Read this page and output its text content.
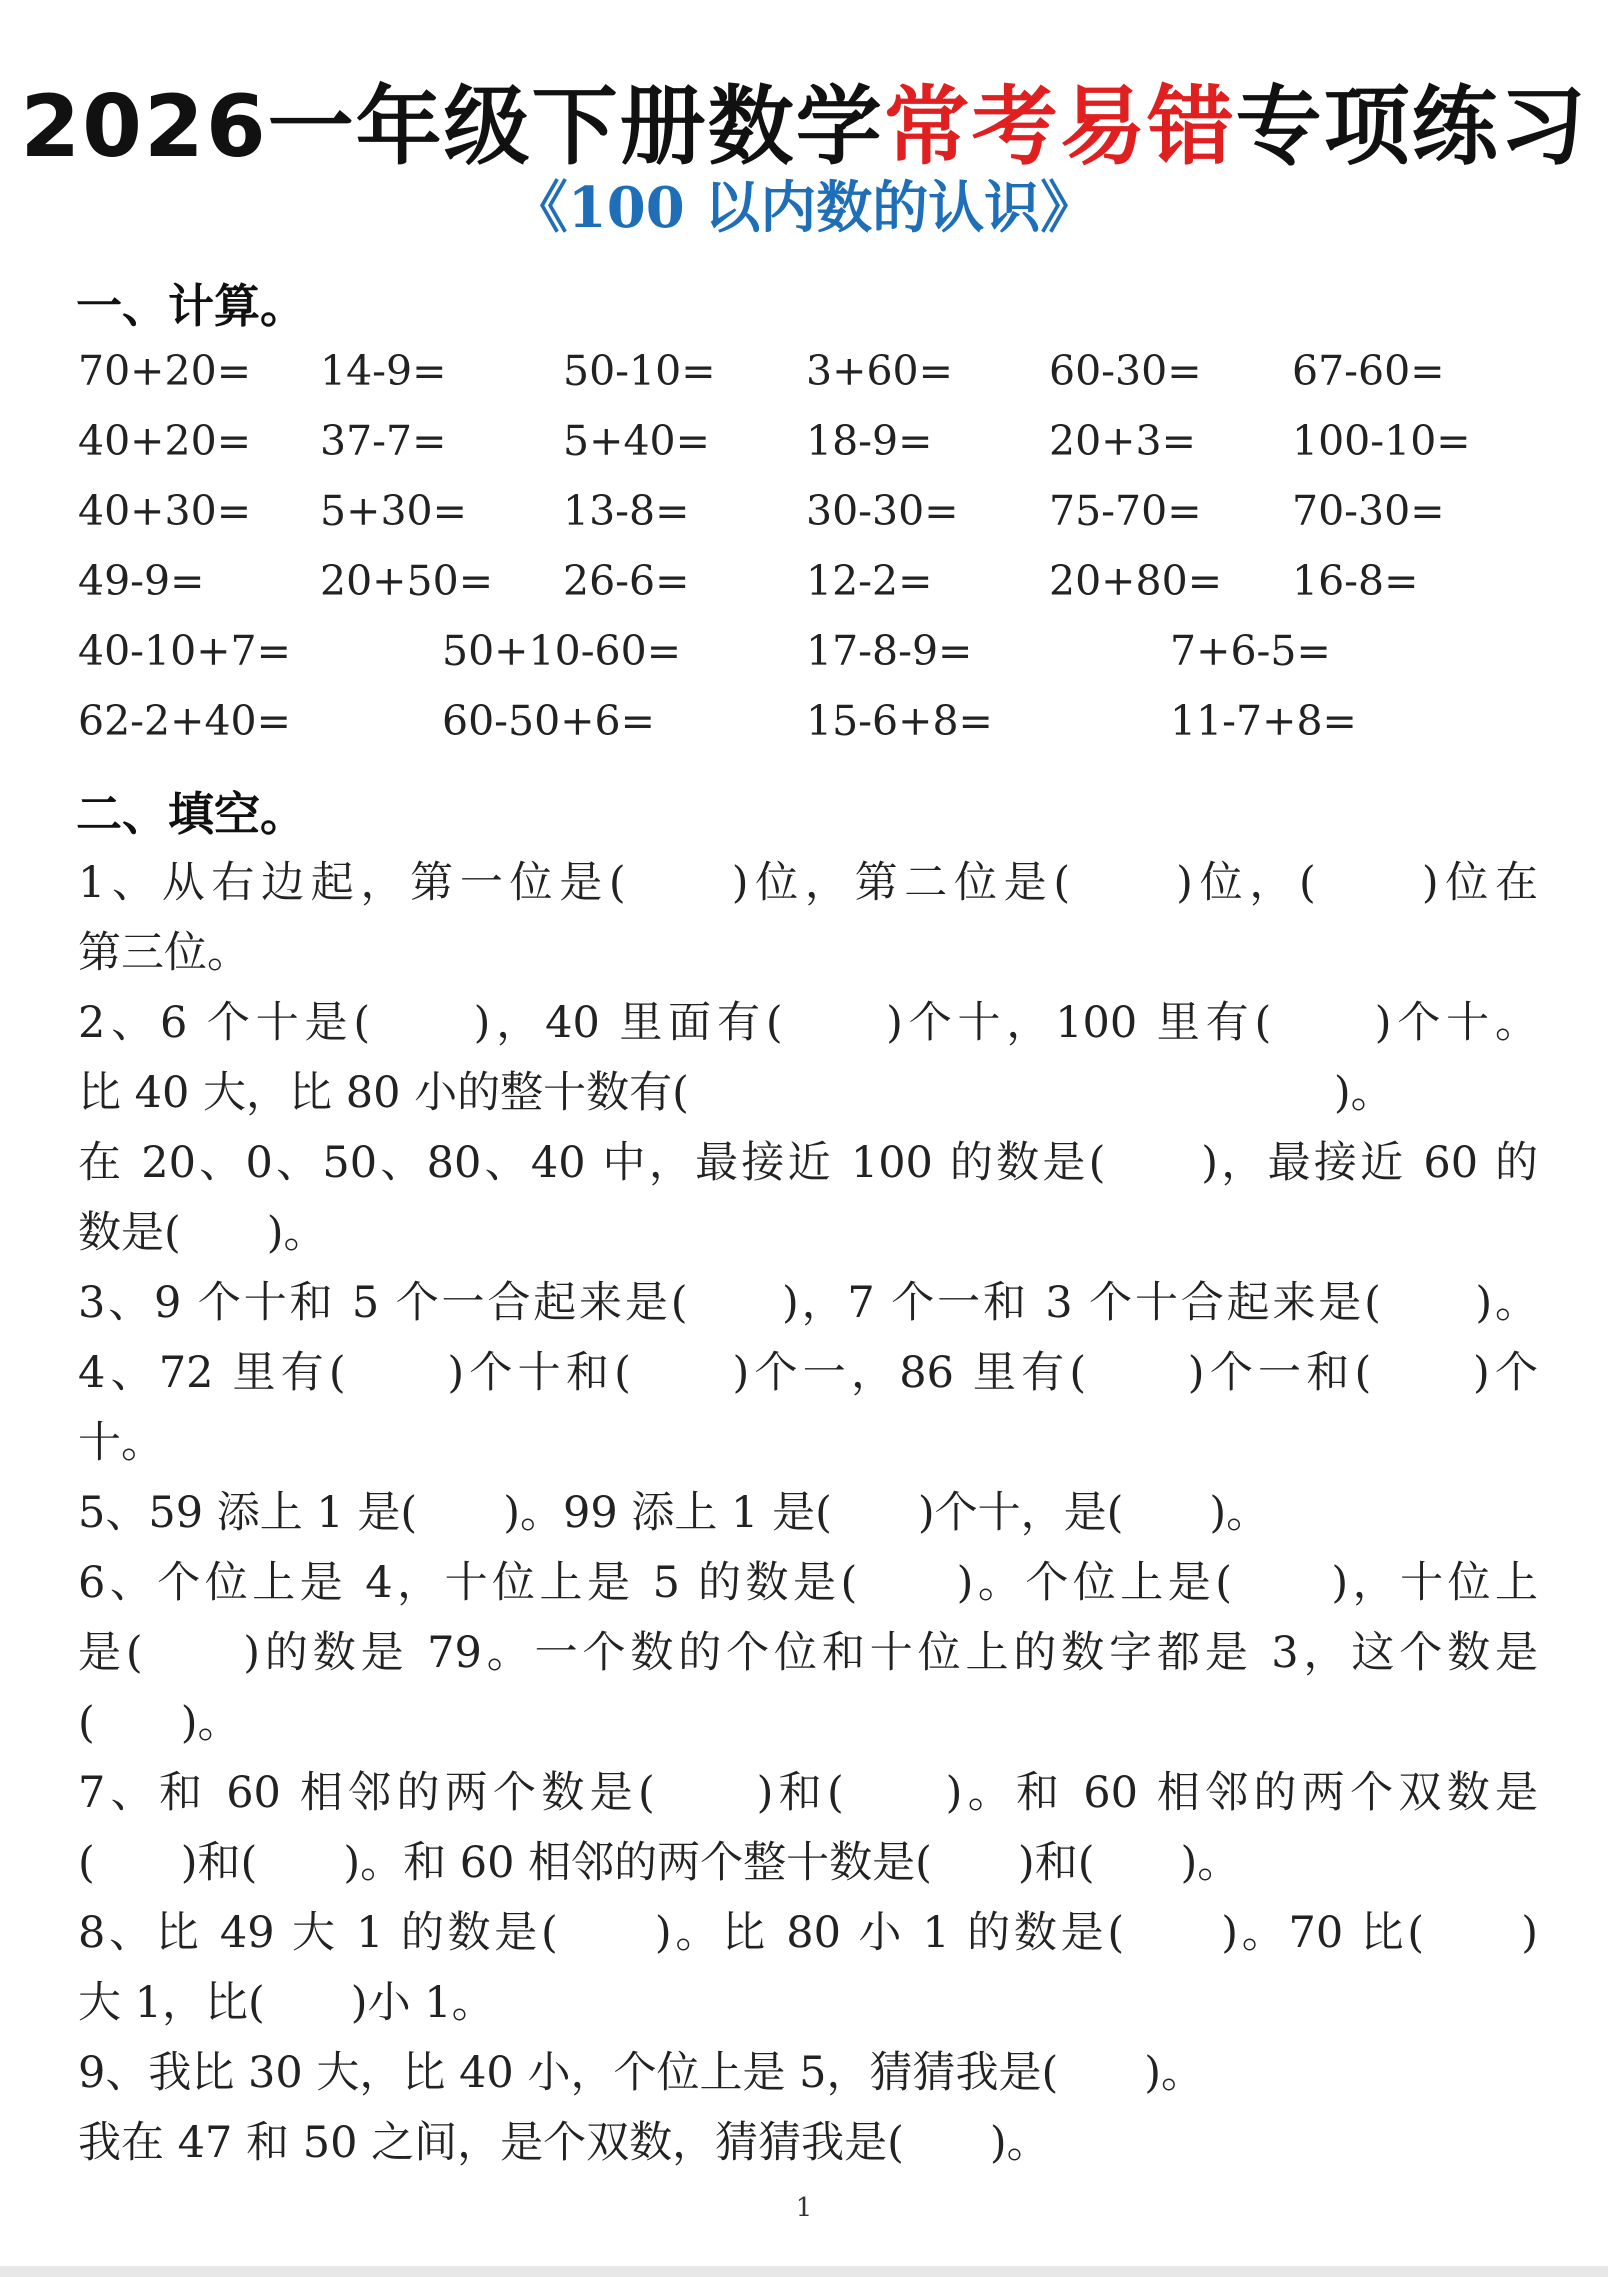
2026一年级下册数学常考易错专项练习
《100 以内数的认识》
一、计算。
70+20= 14-9=	50-10= 3+60= 60-30= 67-60=
40+20= 37-7=	5+40= 18-9=	20+3= 100-10=
40+30= 5+30= 13-8=	30-30= 75-70= 70-30=
49-9=	20+50= 26-6=	12-2=	20+80= 16-8=
40-10+7=	50+10-60=	17-8-9=	7+6-5=
62-2+40=	60-50+6=	15-6+8=	11-7+8=
二、填空。
1、从右边起，第一位是(　　)位，第二位是(　　)位，(　　)位在
第三位。
2、6 个十是(　　)，40 里面有(　　)个十，100 里有(　　)个十。
比 40 大，比 80 小的整十数有(　　　　　　　　　　　　　　　)。
在 20、0、50、80、40 中，最接近 100 的数是(　　)，最接近 60 的
数是(　　)。
3、9 个十和 5 个一合起来是(　　)，7 个一和 3 个十合起来是(　　)。
4、72 里有(　　)个十和(　　)个一，86 里有(　　)个一和(　　)个
十。
5、59 添上 1 是(　　)。99 添上 1 是(　　)个十，是(　　)。
6、个位上是 4，十位上是 5 的数是(　　)。个位上是(　　)，十位上
是(　　)的数是 79。一个数的个位和十位上的数字都是 3，这个数是
(　　)。
7、和 60 相邻的两个数是(　　)和(　　)。和 60 相邻的两个双数是
(　　)和(　　)。和 60 相邻的两个整十数是(　　)和(　　)。
8、比 49 大 1 的数是(　　)。比 80 小 1 的数是(　　)。70 比(　　)
大 1，比(　　)小 1。
9、我比 30 大，比 40 小，个位上是 5，猜猜我是(　　)。
我在 47 和 50 之间，是个双数，猜猜我是(　　)。
1
